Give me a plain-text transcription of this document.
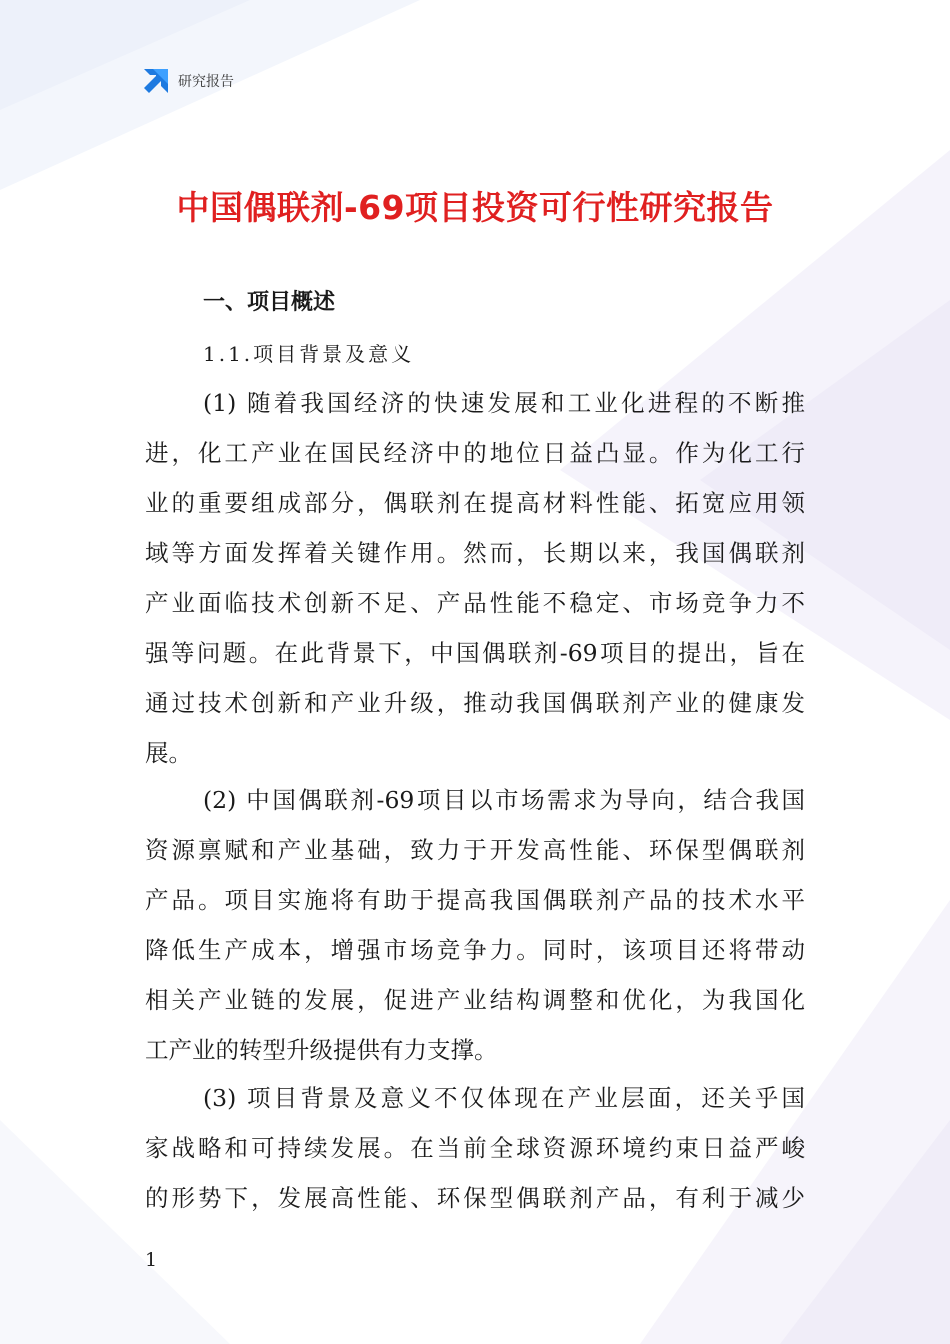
研究报告
中国偶联剂-69项目投资可行性研究报告
一、项目概述
1.1.项目背景及意义
(1) 随着我国经济的快速发展和工业化进程的不断推
进，化工产业在国民经济中的地位日益凸显。作为化工行
业的重要组成部分，偶联剂在提高材料性能、拓宽应用领
域等方面发挥着关键作用。然而，长期以来，我国偶联剂
产业面临技术创新不足、产品性能不稳定、市场竞争力不
强等问题。在此背景下，中国偶联剂-69项目的提出，旨在
通过技术创新和产业升级，推动我国偶联剂产业的健康发
展。
(2) 中国偶联剂-69项目以市场需求为导向，结合我国
资源禀赋和产业基础，致力于开发高性能、环保型偶联剂
产品。项目实施将有助于提高我国偶联剂产品的技术水平
降低生产成本，增强市场竞争力。同时，该项目还将带动
相关产业链的发展，促进产业结构调整和优化，为我国化
工产业的转型升级提供有力支撑。
(3) 项目背景及意义不仅体现在产业层面，还关乎国
家战略和可持续发展。在当前全球资源环境约束日益严峻
的形势下，发展高性能、环保型偶联剂产品，有利于减少
1
